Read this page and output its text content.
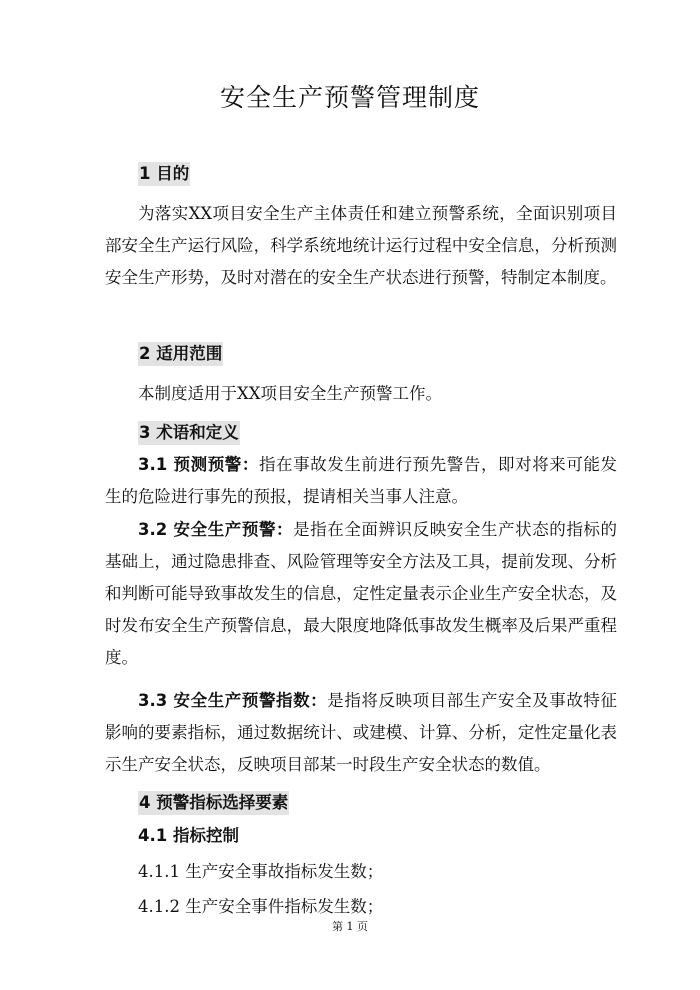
安全生产预警管理制度
1 目的
为落实XX项目安全生产主体责任和建立预警系统，全面识别项目部安全生产运行风险，科学系统地统计运行过程中安全信息，分析预测安全生产形势，及时对潜在的安全生产状态进行预警，特制定本制度。
2 适用范围
本制度适用于XX项目安全生产预警工作。
3 术语和定义
3.1 预测预警：指在事故发生前进行预先警告，即对将来可能发生的危险进行事先的预报，提请相关当事人注意。
3.2 安全生产预警：是指在全面辨识反映安全生产状态的指标的基础上，通过隐患排查、风险管理等安全方法及工具，提前发现、分析和判断可能导致事故发生的信息，定性定量表示企业生产安全状态，及时发布安全生产预警信息，最大限度地降低事故发生概率及后果严重程度。
3.3 安全生产预警指数：是指将反映项目部生产安全及事故特征影响的要素指标，通过数据统计、或建模、计算、分析，定性定量化表示生产安全状态，反映项目部某一时段生产安全状态的数值。
4 预警指标选择要素
4.1 指标控制
4.1.1 生产安全事故指标发生数；
4.1.2 生产安全事件指标发生数；
第 1 页
